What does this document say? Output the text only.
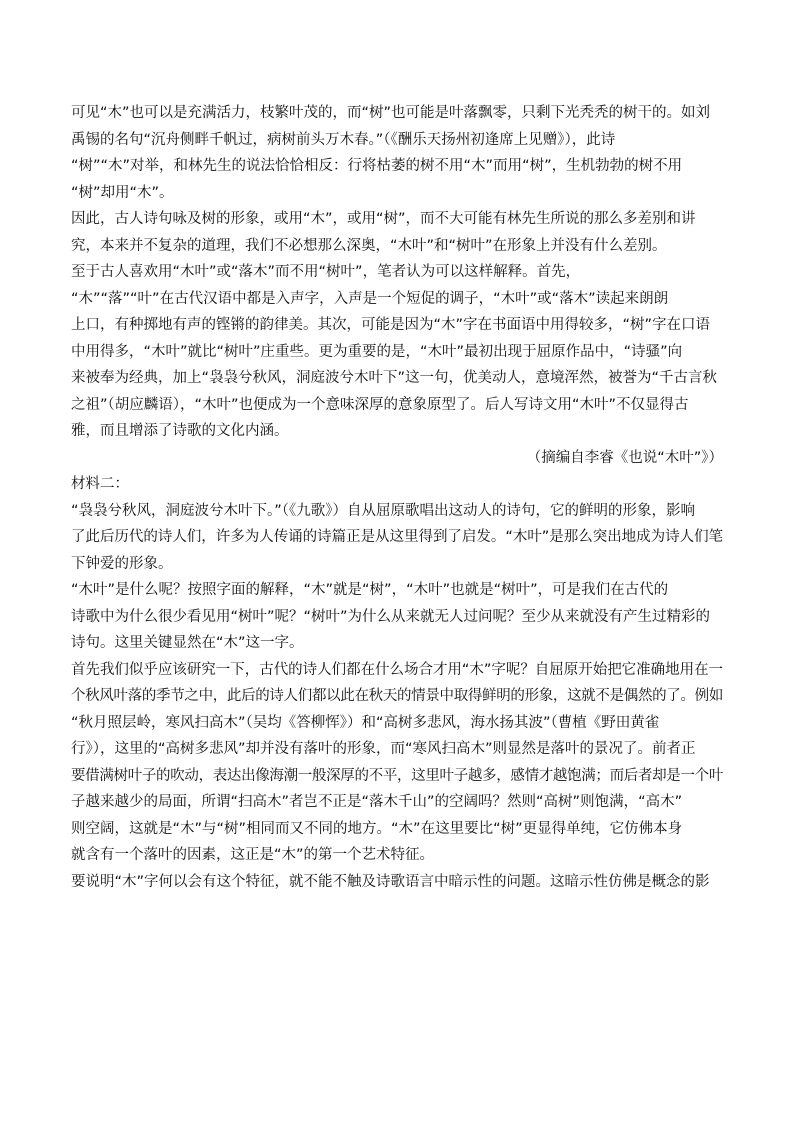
可见“木”也可以是充满活力，枝繁叶茂的，而“树”也可能是叶落飘零，只剩下光秃秃的树干的。如刘

禹锡的名句“沉舟侧畔千帆过，病树前头万木春。”（《酬乐天扬州初逢席上见赠》），此诗

“树”“木”对举，和林先生的说法恰恰相反：行将枯萎的树不用“木”而用“树”，生机勃勃的树不用

“树”却用“木”。

因此，古人诗句咏及树的形象，或用“木”，或用“树”，而不大可能有林先生所说的那么多差别和讲

究，本来并不复杂的道理，我们不必想那么深奥，“木叶”和“树叶”在形象上并没有什么差别。

至于古人喜欢用“木叶”或“落木”而不用“树叶”，笔者认为可以这样解释。首先，

“木”“落”“叶”在古代汉语中都是入声字，入声是一个短促的调子，“木叶”或“落木”读起来朗朗

上口，有种掷地有声的铿锵的韵律美。其次，可能是因为“木”字在书面语中用得较多，“树”字在口语

中用得多，“木叶”就比“树叶”庄重些。更为重要的是，“木叶”最初出现于屈原作品中，“诗骚”向

来被奉为经典，加上“袅袅兮秋风，洞庭波兮木叶下”这一句，优美动人，意境浑然，被誉为“千古言秋

之祖”（胡应麟语），“木叶”也便成为一个意味深厚的意象原型了。后人写诗文用“木叶”不仅显得古

雅，而且增添了诗歌的文化内涵。

（摘编自李睿《也说“木叶”》）

材料二：

“袅袅兮秋风，洞庭波兮木叶下。”（《九歌》）自从屈原歌唱出这动人的诗句，它的鲜明的形象，影响

了此后历代的诗人们，许多为人传诵的诗篇正是从这里得到了启发。“木叶”是那么突出地成为诗人们笔

下钟爱的形象。

“木叶”是什么呢？按照字面的解释，“木”就是“树”，“木叶”也就是“树叶”，可是我们在古代的

诗歌中为什么很少看见用“树叶”呢？“树叶”为什么从来就无人过问呢？至少从来就没有产生过精彩的

诗句。这里关键显然在“木”这一字。

首先我们似乎应该研究一下，古代的诗人们都在什么场合才用“木”字呢？自屈原开始把它准确地用在一

个秋风叶落的季节之中，此后的诗人们都以此在秋天的情景中取得鲜明的形象，这就不是偶然的了。例如

“秋月照层岭，寒风扫高木”（吴均《答柳恽》）和“高树多悲风，海水扬其波”（曹植《野田黄雀

行》），这里的“高树多悲风”却并没有落叶的形象，而“寒风扫高木”则显然是落叶的景况了。前者正

要借满树叶子的吹动，表达出像海潮一般深厚的不平，这里叶子越多，感情才越饱满；而后者却是一个叶

子越来越少的局面，所谓“扫高木”者岂不正是“落木千山”的空阔吗？然则“高树”则饱满，“高木”

则空阔，这就是“木”与“树”相同而又不同的地方。“木”在这里要比“树”更显得单纯，它仿佛本身

就含有一个落叶的因素，这正是“木”的第一个艺术特征。

要说明“木”字何以会有这个特征，就不能不触及诗歌语言中暗示性的问题。这暗示性仿佛是概念的影
